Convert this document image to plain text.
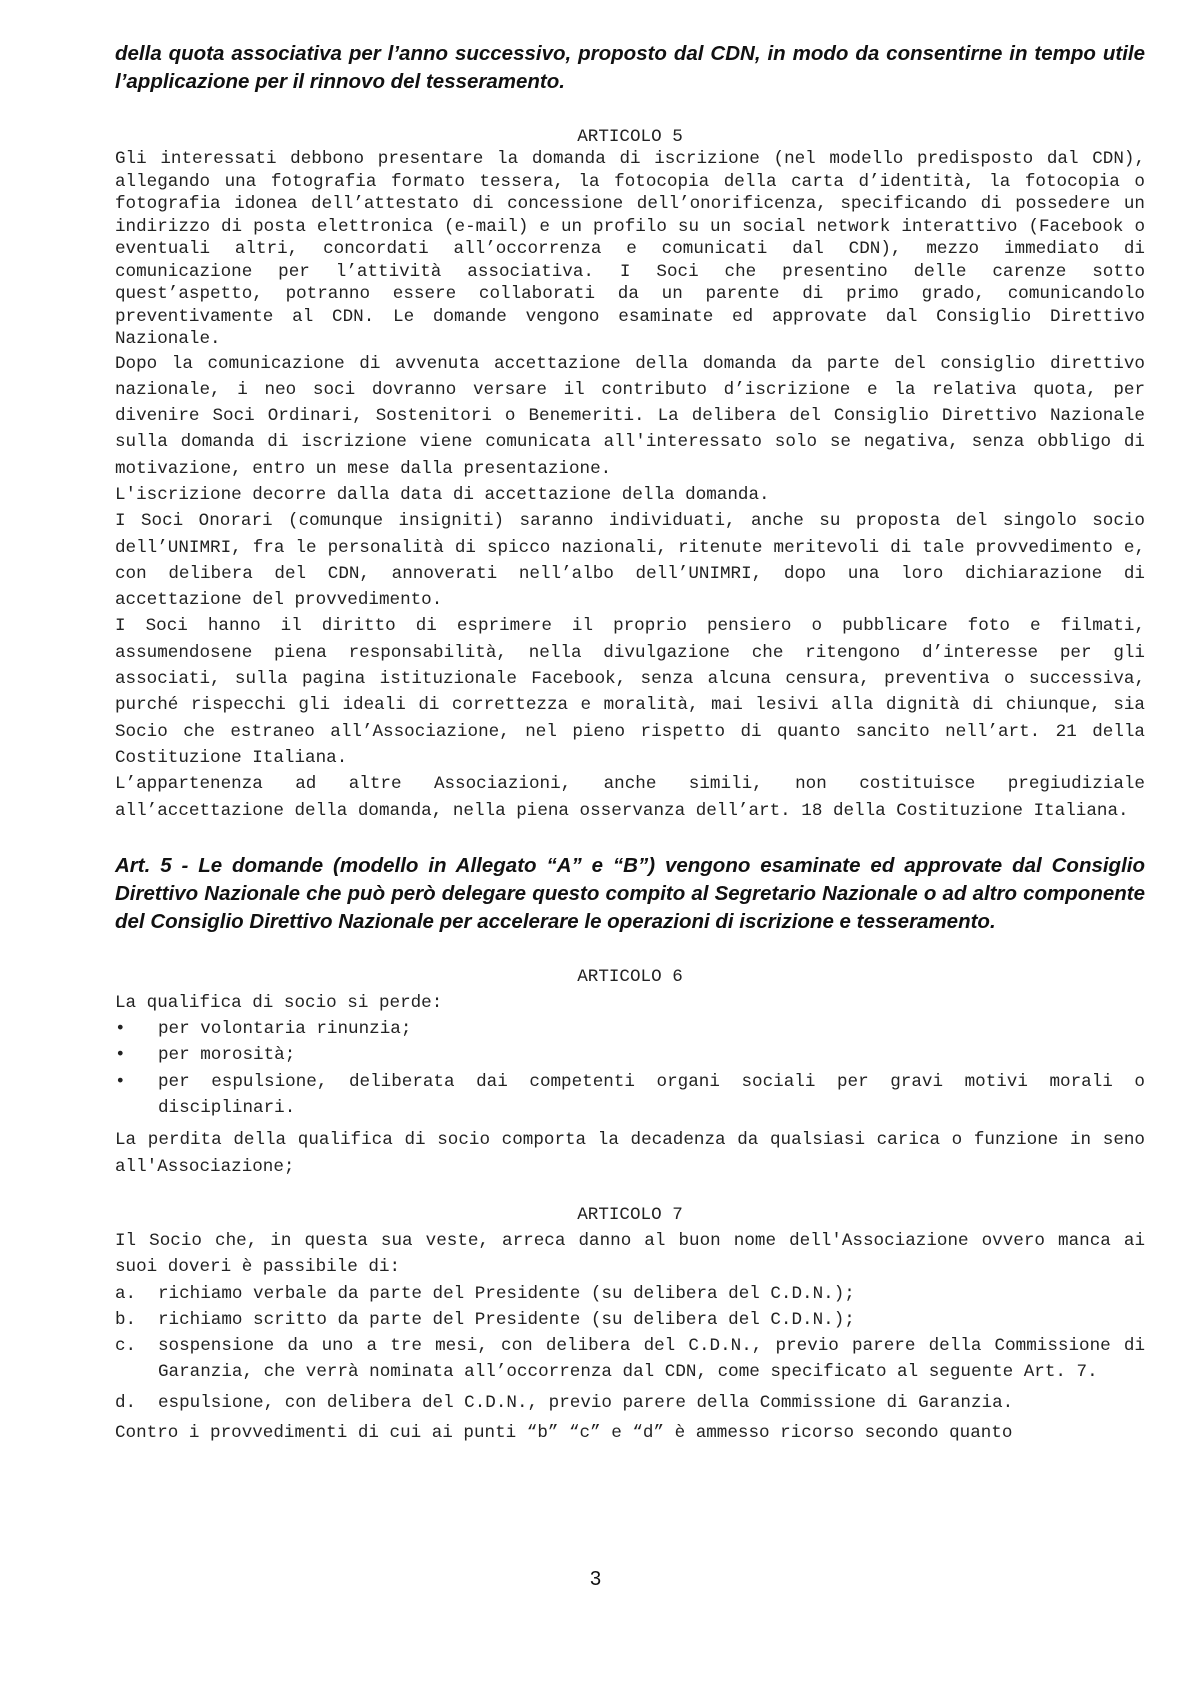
della quota associativa per l’anno successivo, proposto dal CDN, in modo da consentirne in tempo utile l’applicazione per il rinnovo del tesseramento.

ARTICOLO 5

Gli interessati debbono presentare la domanda di iscrizione (nel modello predisposto dal CDN), allegando una fotografia formato tessera, la fotocopia della carta d’identità, la fotocopia o fotografia idonea dell’attestato di concessione dell’onorificenza, specificando di possedere un indirizzo di posta elettronica (e-mail) e un profilo su un social network interattivo (Facebook o eventuali altri, concordati all’occorrenza e comunicati dal CDN), mezzo immediato di comunicazione per l’attività associativa. I Soci che presentino delle carenze sotto quest’aspetto, potranno essere collaborati da un parente di primo grado, comunicandolo preventivamente al CDN. Le domande vengono esaminate ed approvate dal Consiglio Direttivo Nazionale.

Dopo la comunicazione di avvenuta accettazione della domanda da parte del consiglio direttivo nazionale, i neo soci dovranno versare il contributo d’iscrizione e la relativa quota, per divenire Soci Ordinari, Sostenitori o Benemeriti. La delibera del Consiglio Direttivo Nazionale sulla domanda di iscrizione viene comunicata all'interessato solo se negativa, senza obbligo di motivazione, entro un mese dalla presentazione.

L'iscrizione decorre dalla data di accettazione della domanda.

I Soci Onorari (comunque insigniti) saranno individuati, anche su proposta del singolo socio dell’UNIMRI, fra le personalità di spicco nazionali, ritenute meritevoli di tale provvedimento e, con delibera del CDN, annoverati nell’albo dell’UNIMRI, dopo una loro dichiarazione di accettazione del provvedimento.

I Soci hanno il diritto di esprimere il proprio pensiero o pubblicare foto e filmati, assumendosene piena responsabilità, nella divulgazione che ritengono d’interesse per gli associati, sulla pagina istituzionale Facebook, senza alcuna censura, preventiva o successiva, purché rispecchi gli ideali di correttezza e moralità, mai lesivi alla dignità di chiunque, sia Socio che estraneo all’Associazione, nel pieno rispetto di quanto sancito nell’art. 21 della Costituzione Italiana.

L’appartenenza ad altre Associazioni, anche simili, non costituisce pregiudiziale all’accettazione della domanda, nella piena osservanza dell’art. 18 della Costituzione Italiana.

Art. 5 - Le domande (modello in Allegato “A” e “B”) vengono esaminate ed approvate dal Consiglio Direttivo Nazionale che può però delegare questo compito al Segretario Nazionale o ad altro componente del Consiglio Direttivo Nazionale per accelerare le operazioni di iscrizione e tesseramento.

ARTICOLO 6

La qualifica di socio si perde:

• per volontaria rinunzia;
• per morosità;
• per espulsione, deliberata dai competenti organi sociali per gravi motivi morali o disciplinari.

La perdita della qualifica di socio comporta la decadenza da qualsiasi carica o funzione in seno all'Associazione;

ARTICOLO 7

Il Socio che, in questa sua veste, arreca danno al buon nome dell'Associazione ovvero manca ai suoi doveri è passibile di:

a. richiamo verbale da parte del Presidente (su delibera del C.D.N.);
b. richiamo scritto da parte del Presidente (su delibera del C.D.N.);
c. sospensione da uno a tre mesi, con delibera del C.D.N., previo parere della Commissione di Garanzia, che verrà nominata all’occorrenza dal CDN, come specificato al seguente Art. 7.
d. espulsione, con delibera del C.D.N., previo parere della Commissione di Garanzia.

Contro i provvedimenti di cui ai punti “b” “c” e “d” è ammesso ricorso secondo quanto

3
